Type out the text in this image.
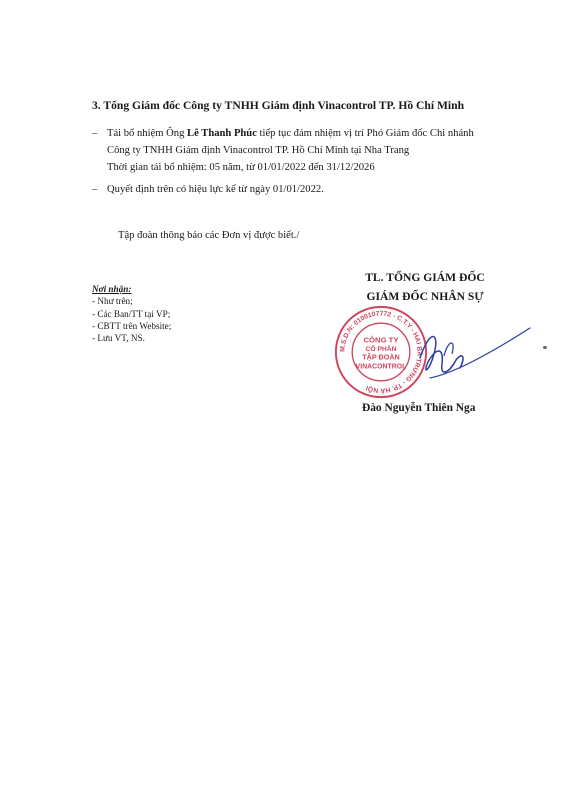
3. Tổng Giám đốc Công ty TNHH Giám định Vinacontrol TP. Hồ Chí Minh
– Tái bổ nhiệm Ông Lê Thanh Phúc tiếp tục đảm nhiệm vị trí Phó Giám đốc Chi nhánh
Công ty TNHH Giám định Vinacontrol TP. Hồ Chí Minh tại Nha Trang
Thời gian tái bổ nhiệm: 05 năm, từ 01/01/2022 đến 31/12/2026
– Quyết định trên có hiệu lực kể từ ngày 01/01/2022.
Tập đoàn thông báo các Đơn vị được biết./
Nơi nhận:
- Như trên;
- Các Ban/TT tại VP;
- CBTT trên Website;
- Lưu VT, NS.
TL. TỔNG GIÁM ĐỐC
GIÁM ĐỐC NHÂN SỰ
M.S.D.N: 0100107772 - C.T.Y - HAI BÀ TRƯNG - TP. HÀ NỘI
CÔNG TY
CỔ PHẦN
TẬP ĐOÀN
VINACONTROL
Đào Nguyễn Thiên Nga
